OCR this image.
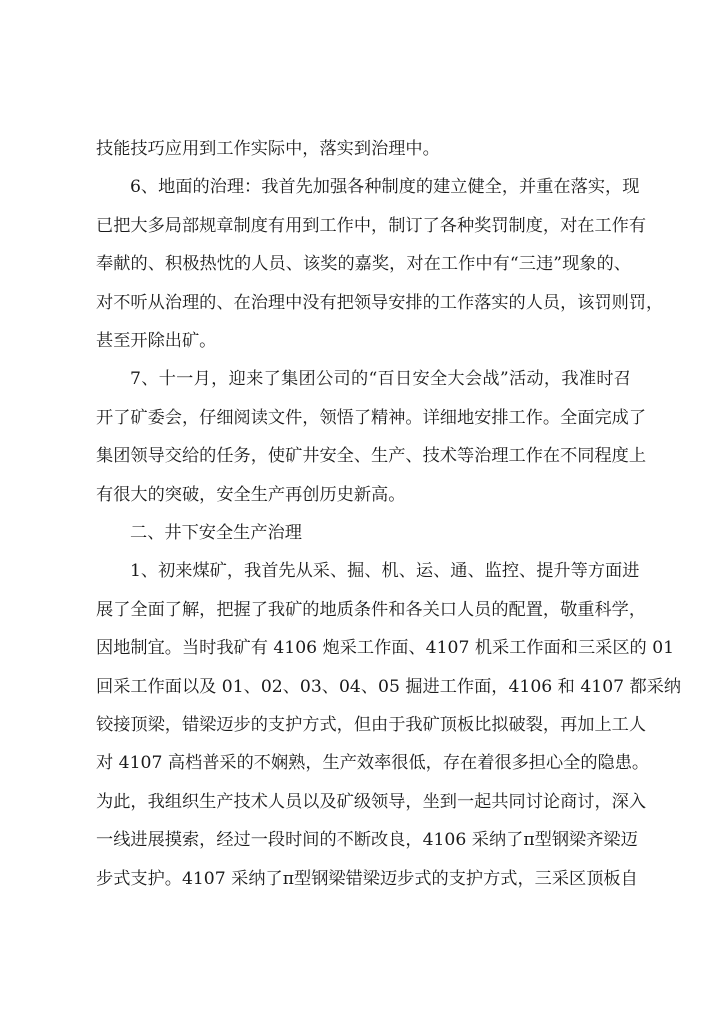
技能技巧应用到工作实际中，落实到治理中。
6、地面的治理：我首先加强各种制度的建立健全，并重在落实，现
已把大多局部规章制度有用到工作中，制订了各种奖罚制度，对在工作有
奉献的、积极热忱的人员、该奖的嘉奖，对在工作中有“三违”现象的、
对不听从治理的、在治理中没有把领导安排的工作落实的人员，该罚则罚，
甚至开除出矿。
7、十一月，迎来了集团公司的“百日安全大会战”活动，我准时召
开了矿委会，仔细阅读文件，领悟了精神。详细地安排工作。全面完成了
集团领导交给的任务，使矿井安全、生产、技术等治理工作在不同程度上
有很大的突破，安全生产再创历史新高。
二、井下安全生产治理
1、初来煤矿，我首先从采、掘、机、运、通、监控、提升等方面进
展了全面了解，把握了我矿的地质条件和各关口人员的配置，敬重科学，
因地制宜。当时我矿有 4106 炮采工作面、4107 机采工作面和三采区的 01
回采工作面以及 01、02、03、04、05 掘进工作面，4106 和 4107 都采纳
铰接顶梁，错梁迈步的支护方式，但由于我矿顶板比拟破裂，再加上工人
对 4107 高档普采的不娴熟，生产效率很低，存在着很多担心全的隐患。
为此，我组织生产技术人员以及矿级领导，坐到一起共同讨论商讨，深入
一线进展摸索，经过一段时间的不断改良，4106 采纳了π型钢梁齐梁迈
步式支护。4107 采纳了π型钢梁错梁迈步式的支护方式，三采区顶板自
